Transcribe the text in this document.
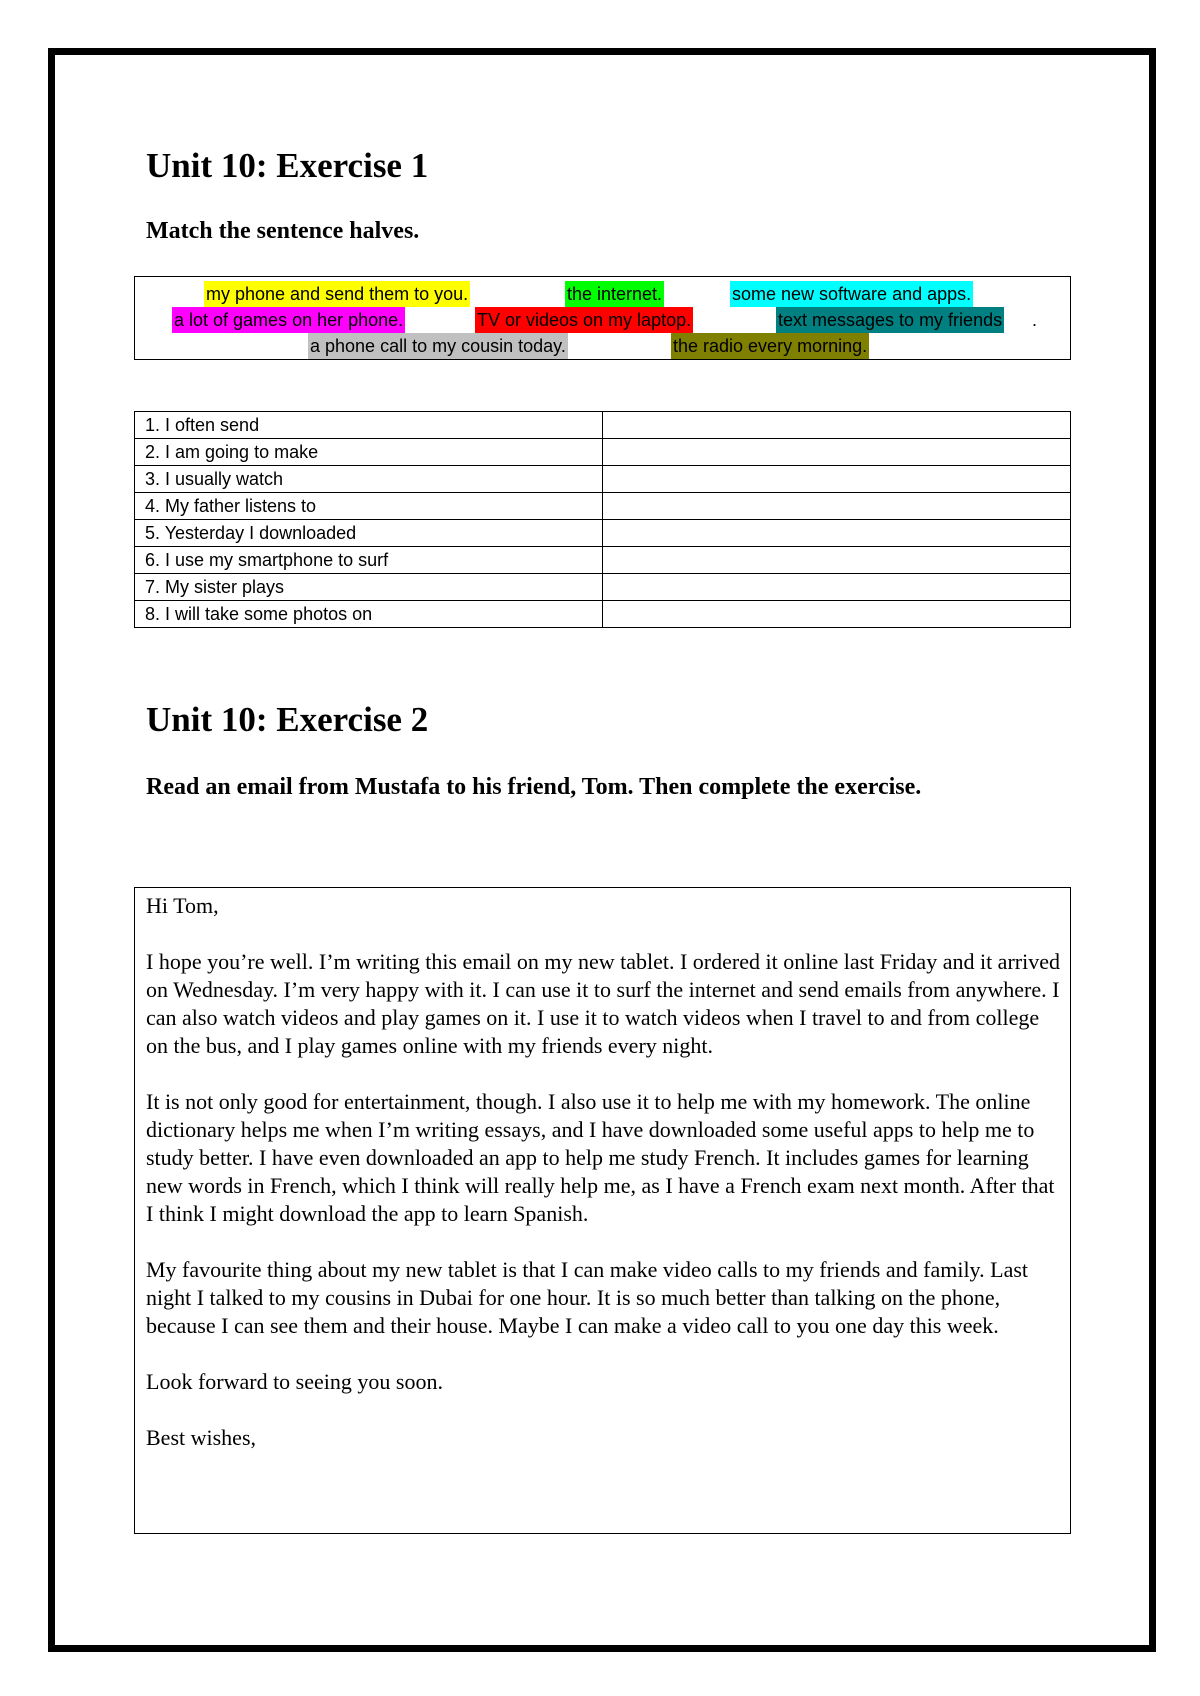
Unit 10: Exercise 1

Match the sentence halves.

my phone and send them to you.	the internet.	some new software and apps.
a lot of games on her phone.	TV or videos on my laptop.	text messages to my friends .
a phone call to my cousin today.	the radio every morning.
1. I often send	
2. I am going to make	
3. I usually watch	
4. My father listens to	
5. Yesterday I downloaded	
6. I use my smartphone to surf	
7. My sister plays	
8. I will take some photos on	
Unit 10: Exercise 2

Read an email from Mustafa to his friend, Tom. Then complete the exercise.

Hi Tom,

I hope you’re well. I’m writing this email on my new tablet. I ordered it online last Friday and it arrived on Wednesday. I’m very happy with it. I can use it to surf the internet and send emails from anywhere. I can also watch videos and play games on it. I use it to watch videos when I travel to and from college on the bus, and I play games online with my friends every night.

It is not only good for entertainment, though. I also use it to help me with my homework. The online dictionary helps me when I’m writing essays, and I have downloaded some useful apps to help me to study better. I have even downloaded an app to help me study French. It includes games for learning new words in French, which I think will really help me, as I have a French exam next month. After that I think I might download the app to learn Spanish.

My favourite thing about my new tablet is that I can make video calls to my friends and family. Last night I talked to my cousins in Dubai for one hour. It is so much better than talking on the phone, because I can see them and their house. Maybe I can make a video call to you one day this week.

Look forward to seeing you soon.

Best wishes,
